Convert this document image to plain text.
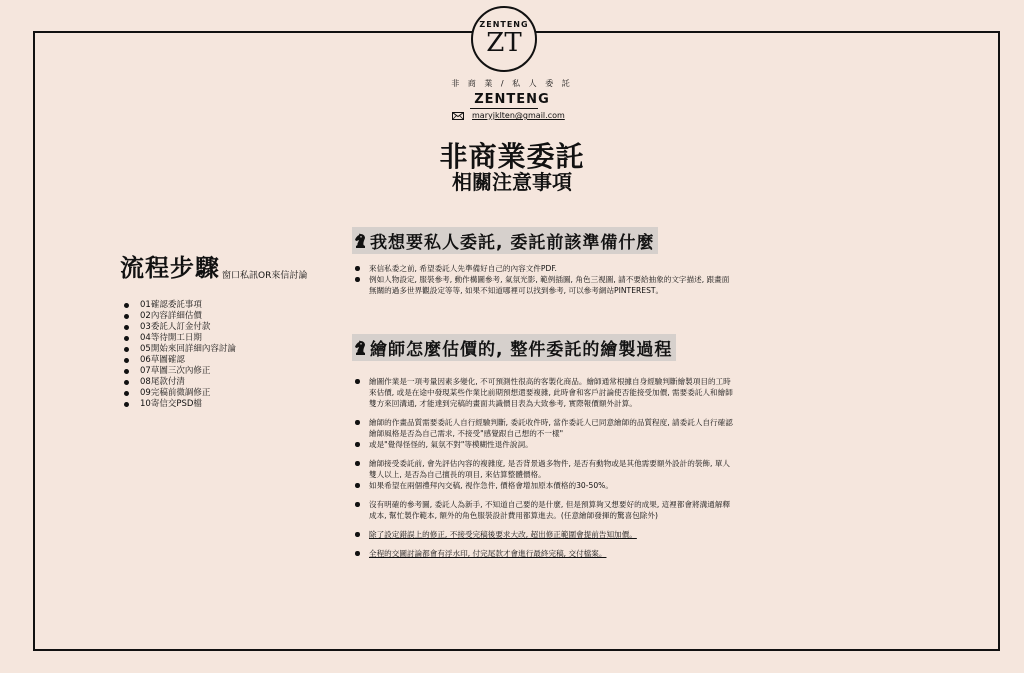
ZENTENG
ZT
非 商 業 / 私 人 委 託
ZENTENG
maryjklten@gmail.com
非商業委託
相關注意事項
流程步驟 窗口私訊OR來信討論
01確認委託事項
02內容詳細估價
03委託人訂金付款
04等待開工日期
05開始來回詳細內容討論
06草圖確認
07草圖三次內修正
08尾款付清
09完稿前微調修正
10寄信交PSD檔
我想要私人委託, 委託前該準備什麼
來信私委之前, 希望委託人先準備好自己的內容文件PDF.
例如人物設定, 服裝參考, 動作構圖參考, 氣氛光影, 範例插圖, 角色三視圖, 請不要給抽象的文字描述, 跟畫面無關的過多世界觀設定等等, 如果不知道哪裡可以找到參考, 可以參考網站PINTEREST。
繪師怎麼估價的, 整件委託的繪製過程
繪圖作業是一項考量因素多變化, 不可預測性很高的客製化商品。繪師通常根據自身經驗判斷繪製項目的工時來估價, 或是在途中發現某些作業比前期預想還要複雜, 此時會和客戶討論使否能接受加價, 需要委託人和繪師雙方來回溝通, 才能達到完稿的畫面共識價目表為大致參考, 實際報價額外計算。
繪師的作畫品質需要委託人自行經驗判斷, 委託收件時, 當作委託人已同意繪師的品質程度, 請委託人自行確認繪師風格是否為自己需求, 不接受"感覺跟自己想的不一樣"
或是"覺得怪怪的, 氣氛不對"等模糊性退件說詞。
繪師接受委託前, 會先評估內容的複雜度, 是否背景過多物件, 是否有動物或是其他需要額外設計的裝飾, 單人雙人以上, 是否為自己擅長的項目, 來估算整體價格。
如果希望在兩個禮拜內交稿, 視作急件, 價格會增加原本價格的30-50%。
沒有明確的參考圖, 委託人為新手, 不知道自己要的是什麼, 但是預算夠又想要好的成果, 這裡都會將溝通解釋成本, 幫忙製作範本, 額外的角色服裝設計費用都算進去。(任意繪師發揮的驚喜包除外)
除了設定錯誤上的修正, 不接受完稿後要求大改, 超出修正範圍會提前告知加價。
全程的交圖討論都會有浮水印, 付完尾款才會進行最終完稿, 交付檔案。
